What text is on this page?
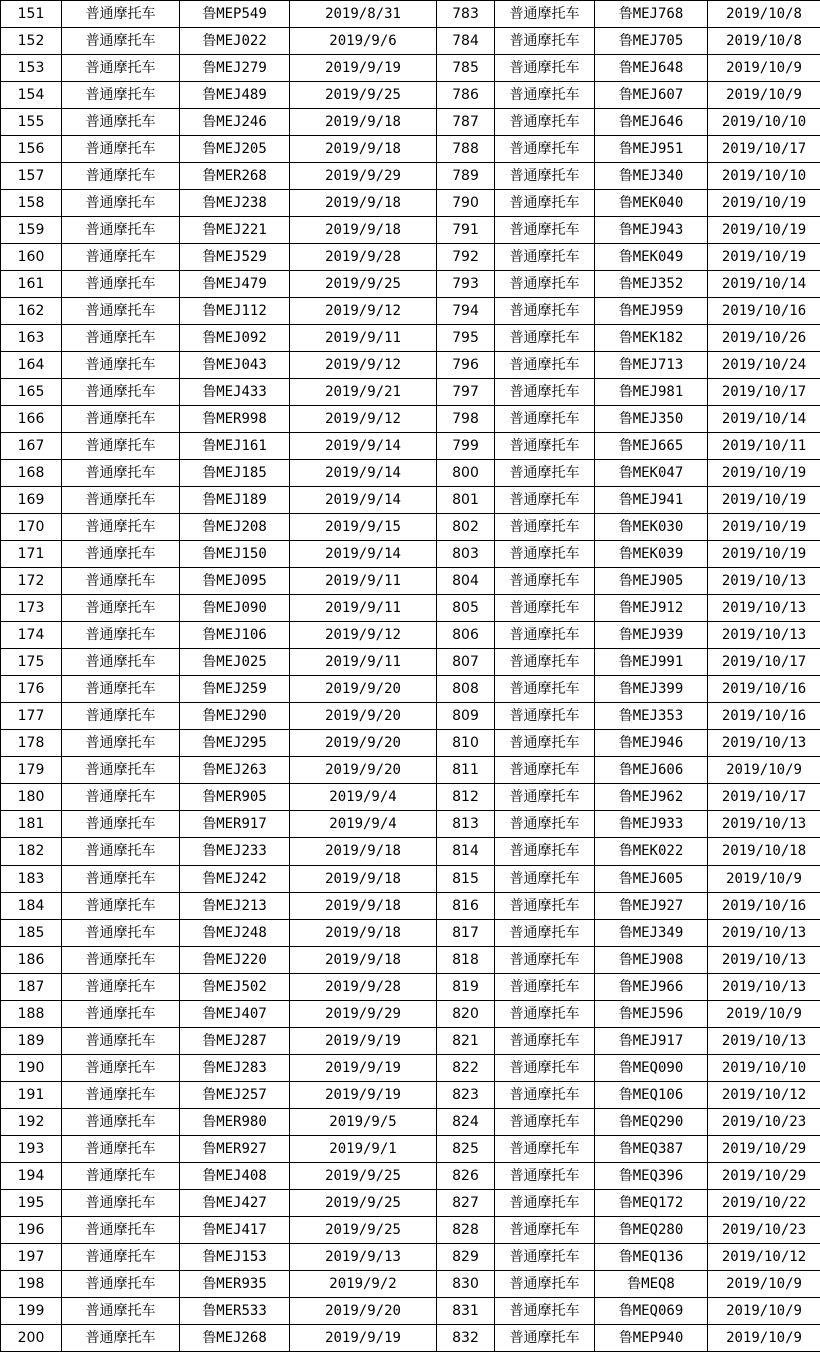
151	普通摩托车	鲁MEP549	2019/8/31	783	普通摩托车	鲁MEJ768	2019/10/8
152	普通摩托车	鲁MEJ022	2019/9/6	784	普通摩托车	鲁MEJ705	2019/10/8
153	普通摩托车	鲁MEJ279	2019/9/19	785	普通摩托车	鲁MEJ648	2019/10/9
154	普通摩托车	鲁MEJ489	2019/9/25	786	普通摩托车	鲁MEJ607	2019/10/9
155	普通摩托车	鲁MEJ246	2019/9/18	787	普通摩托车	鲁MEJ646	2019/10/10
156	普通摩托车	鲁MEJ205	2019/9/18	788	普通摩托车	鲁MEJ951	2019/10/17
157	普通摩托车	鲁MER268	2019/9/29	789	普通摩托车	鲁MEJ340	2019/10/10
158	普通摩托车	鲁MEJ238	2019/9/18	790	普通摩托车	鲁MEK040	2019/10/19
159	普通摩托车	鲁MEJ221	2019/9/18	791	普通摩托车	鲁MEJ943	2019/10/19
160	普通摩托车	鲁MEJ529	2019/9/28	792	普通摩托车	鲁MEK049	2019/10/19
161	普通摩托车	鲁MEJ479	2019/9/25	793	普通摩托车	鲁MEJ352	2019/10/14
162	普通摩托车	鲁MEJ112	2019/9/12	794	普通摩托车	鲁MEJ959	2019/10/16
163	普通摩托车	鲁MEJ092	2019/9/11	795	普通摩托车	鲁MEK182	2019/10/26
164	普通摩托车	鲁MEJ043	2019/9/12	796	普通摩托车	鲁MEJ713	2019/10/24
165	普通摩托车	鲁MEJ433	2019/9/21	797	普通摩托车	鲁MEJ981	2019/10/17
166	普通摩托车	鲁MER998	2019/9/12	798	普通摩托车	鲁MEJ350	2019/10/14
167	普通摩托车	鲁MEJ161	2019/9/14	799	普通摩托车	鲁MEJ665	2019/10/11
168	普通摩托车	鲁MEJ185	2019/9/14	800	普通摩托车	鲁MEK047	2019/10/19
169	普通摩托车	鲁MEJ189	2019/9/14	801	普通摩托车	鲁MEJ941	2019/10/19
170	普通摩托车	鲁MEJ208	2019/9/15	802	普通摩托车	鲁MEK030	2019/10/19
171	普通摩托车	鲁MEJ150	2019/9/14	803	普通摩托车	鲁MEK039	2019/10/19
172	普通摩托车	鲁MEJ095	2019/9/11	804	普通摩托车	鲁MEJ905	2019/10/13
173	普通摩托车	鲁MEJ090	2019/9/11	805	普通摩托车	鲁MEJ912	2019/10/13
174	普通摩托车	鲁MEJ106	2019/9/12	806	普通摩托车	鲁MEJ939	2019/10/13
175	普通摩托车	鲁MEJ025	2019/9/11	807	普通摩托车	鲁MEJ991	2019/10/17
176	普通摩托车	鲁MEJ259	2019/9/20	808	普通摩托车	鲁MEJ399	2019/10/16
177	普通摩托车	鲁MEJ290	2019/9/20	809	普通摩托车	鲁MEJ353	2019/10/16
178	普通摩托车	鲁MEJ295	2019/9/20	810	普通摩托车	鲁MEJ946	2019/10/13
179	普通摩托车	鲁MEJ263	2019/9/20	811	普通摩托车	鲁MEJ606	2019/10/9
180	普通摩托车	鲁MER905	2019/9/4	812	普通摩托车	鲁MEJ962	2019/10/17
181	普通摩托车	鲁MER917	2019/9/4	813	普通摩托车	鲁MEJ933	2019/10/13
182	普通摩托车	鲁MEJ233	2019/9/18	814	普通摩托车	鲁MEK022	2019/10/18
183	普通摩托车	鲁MEJ242	2019/9/18	815	普通摩托车	鲁MEJ605	2019/10/9
184	普通摩托车	鲁MEJ213	2019/9/18	816	普通摩托车	鲁MEJ927	2019/10/16
185	普通摩托车	鲁MEJ248	2019/9/18	817	普通摩托车	鲁MEJ349	2019/10/13
186	普通摩托车	鲁MEJ220	2019/9/18	818	普通摩托车	鲁MEJ908	2019/10/13
187	普通摩托车	鲁MEJ502	2019/9/28	819	普通摩托车	鲁MEJ966	2019/10/13
188	普通摩托车	鲁MEJ407	2019/9/29	820	普通摩托车	鲁MEJ596	2019/10/9
189	普通摩托车	鲁MEJ287	2019/9/19	821	普通摩托车	鲁MEJ917	2019/10/13
190	普通摩托车	鲁MEJ283	2019/9/19	822	普通摩托车	鲁MEQ090	2019/10/10
191	普通摩托车	鲁MEJ257	2019/9/19	823	普通摩托车	鲁MEQ106	2019/10/12
192	普通摩托车	鲁MER980	2019/9/5	824	普通摩托车	鲁MEQ290	2019/10/23
193	普通摩托车	鲁MER927	2019/9/1	825	普通摩托车	鲁MEQ387	2019/10/29
194	普通摩托车	鲁MEJ408	2019/9/25	826	普通摩托车	鲁MEQ396	2019/10/29
195	普通摩托车	鲁MEJ427	2019/9/25	827	普通摩托车	鲁MEQ172	2019/10/22
196	普通摩托车	鲁MEJ417	2019/9/25	828	普通摩托车	鲁MEQ280	2019/10/23
197	普通摩托车	鲁MEJ153	2019/9/13	829	普通摩托车	鲁MEQ136	2019/10/12
198	普通摩托车	鲁MER935	2019/9/2	830	普通摩托车	鲁MEQ8	2019/10/9
199	普通摩托车	鲁MER533	2019/9/20	831	普通摩托车	鲁MEQ069	2019/10/9
200	普通摩托车	鲁MEJ268	2019/9/19	832	普通摩托车	鲁MEP940	2019/10/9
